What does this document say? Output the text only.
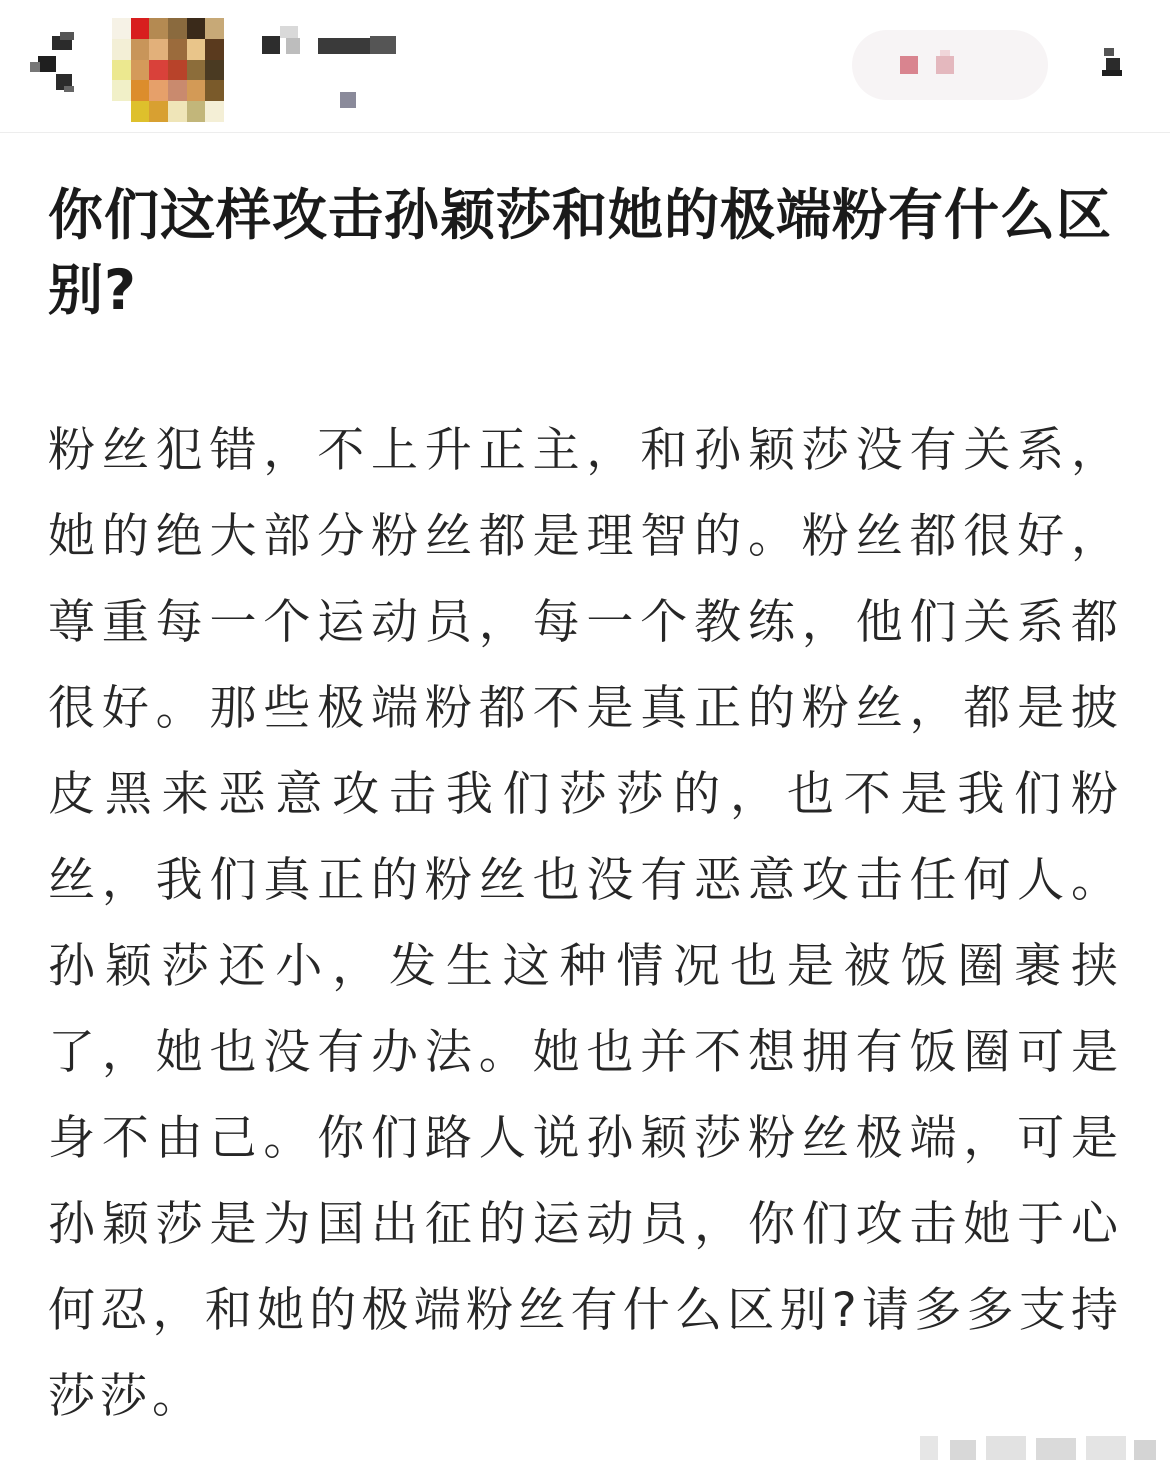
你们这样攻击孙颖莎和她的极端粉有什么区别?

粉丝犯错，不上升正主，和孙颖莎没有关系，她的绝大部分粉丝都是理智的。粉丝都很好，尊重每一个运动员，每一个教练，他们关系都很好。那些极端粉都不是真正的粉丝，都是披皮黑来恶意攻击我们莎莎的，也不是我们粉丝，我们真正的粉丝也没有恶意攻击任何人。孙颖莎还小，发生这种情况也是被饭圈裹挟了，她也没有办法。她也并不想拥有饭圈可是身不由己。你们路人说孙颖莎粉丝极端，可是孙颖莎是为国出征的运动员，你们攻击她于心何忍，和她的极端粉丝有什么区别?请多多支持莎莎。
